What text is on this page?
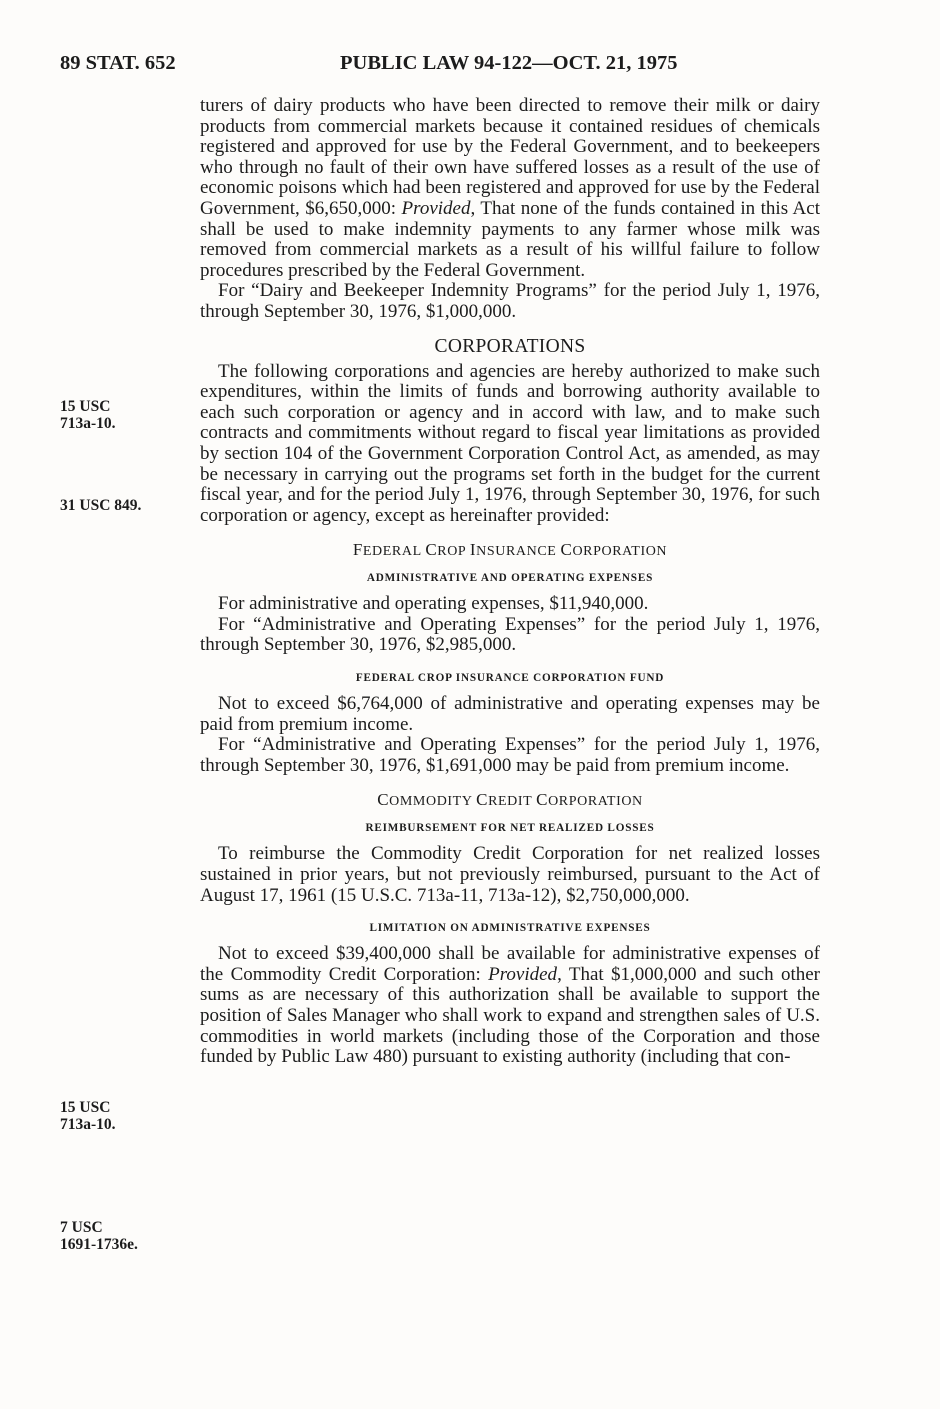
89 STAT. 652	PUBLIC LAW 94-122—OCT. 21, 1975
15 USC
713a-10.
31 USC 849.
15 USC
713a-10.
7 USC
1691-1736e.

turers of dairy products who have been directed to remove their milk or dairy products from commercial markets because it contained residues of chemicals registered and approved for use by the Federal Government, and to beekeepers who through no fault of their own have suffered losses as a result of the use of economic poisons which had been registered and approved for use by the Federal Government, $6,650,000: Provided, That none of the funds contained in this Act shall be used to make indemnity payments to any farmer whose milk was removed from commercial markets as a result of his willful failure to follow procedures prescribed by the Federal Government.

For “Dairy and Beekeeper Indemnity Programs” for the period July 1, 1976, through September 30, 1976, $1,000,000.

CORPORATIONS

The following corporations and agencies are hereby authorized to make such expenditures, within the limits of funds and borrowing authority available to each such corporation or agency and in accord with law, and to make such contracts and commitments without regard to fiscal year limitations as provided by section 104 of the Government Corporation Control Act, as amended, as may be necessary in carrying out the programs set forth in the budget for the current fiscal year, and for the period July 1, 1976, through September 30, 1976, for such corporation or agency, except as hereinafter provided:

FEDERAL CROP INSURANCE CORPORATION
ADMINISTRATIVE AND OPERATING EXPENSES

For administrative and operating expenses, $11,940,000.

For “Administrative and Operating Expenses” for the period July 1, 1976, through September 30, 1976, $2,985,000.

FEDERAL CROP INSURANCE CORPORATION FUND

Not to exceed $6,764,000 of administrative and operating expenses may be paid from premium income.

For “Administrative and Operating Expenses” for the period July 1, 1976, through September 30, 1976, $1,691,000 may be paid from premium income.

COMMODITY CREDIT CORPORATION
REIMBURSEMENT FOR NET REALIZED LOSSES

To reimburse the Commodity Credit Corporation for net realized losses sustained in prior years, but not previously reimbursed, pursuant to the Act of August 17, 1961 (15 U.S.C. 713a-11, 713a-12), $2,750,000,000.

LIMITATION ON ADMINISTRATIVE EXPENSES

Not to exceed $39,400,000 shall be available for administrative expenses of the Commodity Credit Corporation: Provided, That $1,000,000 and such other sums as are necessary of this authorization shall be available to support the position of Sales Manager who shall work to expand and strengthen sales of U.S. commodities in world markets (including those of the Corporation and those funded by Public Law 480) pursuant to existing authority (including that con-
